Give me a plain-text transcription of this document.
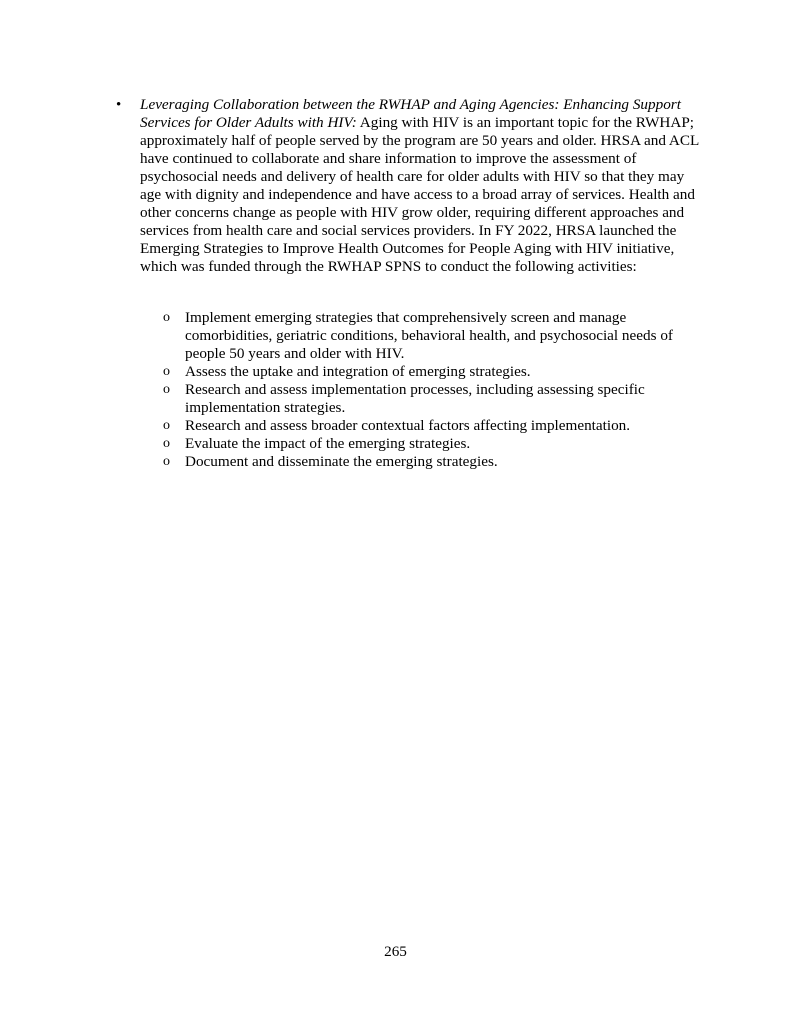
• Leveraging Collaboration between the RWHAP and Aging Agencies: Enhancing Support Services for Older Adults with HIV: Aging with HIV is an important topic for the RWHAP; approximately half of people served by the program are 50 years and older. HRSA and ACL have continued to collaborate and share information to improve the assessment of psychosocial needs and delivery of health care for older adults with HIV so that they may age with dignity and independence and have access to a broad array of services. Health and other concerns change as people with HIV grow older, requiring different approaches and services from health care and social services providers. In FY 2022, HRSA launched the Emerging Strategies to Improve Health Outcomes for People Aging with HIV initiative, which was funded through the RWHAP SPNS to conduct the following activities:

o Implement emerging strategies that comprehensively screen and manage comorbidities, geriatric conditions, behavioral health, and psychosocial needs of people 50 years and older with HIV.
o Assess the uptake and integration of emerging strategies.
o Research and assess implementation processes, including assessing specific implementation strategies.
o Research and assess broader contextual factors affecting implementation.
o Evaluate the impact of the emerging strategies.
o Document and disseminate the emerging strategies.
265
